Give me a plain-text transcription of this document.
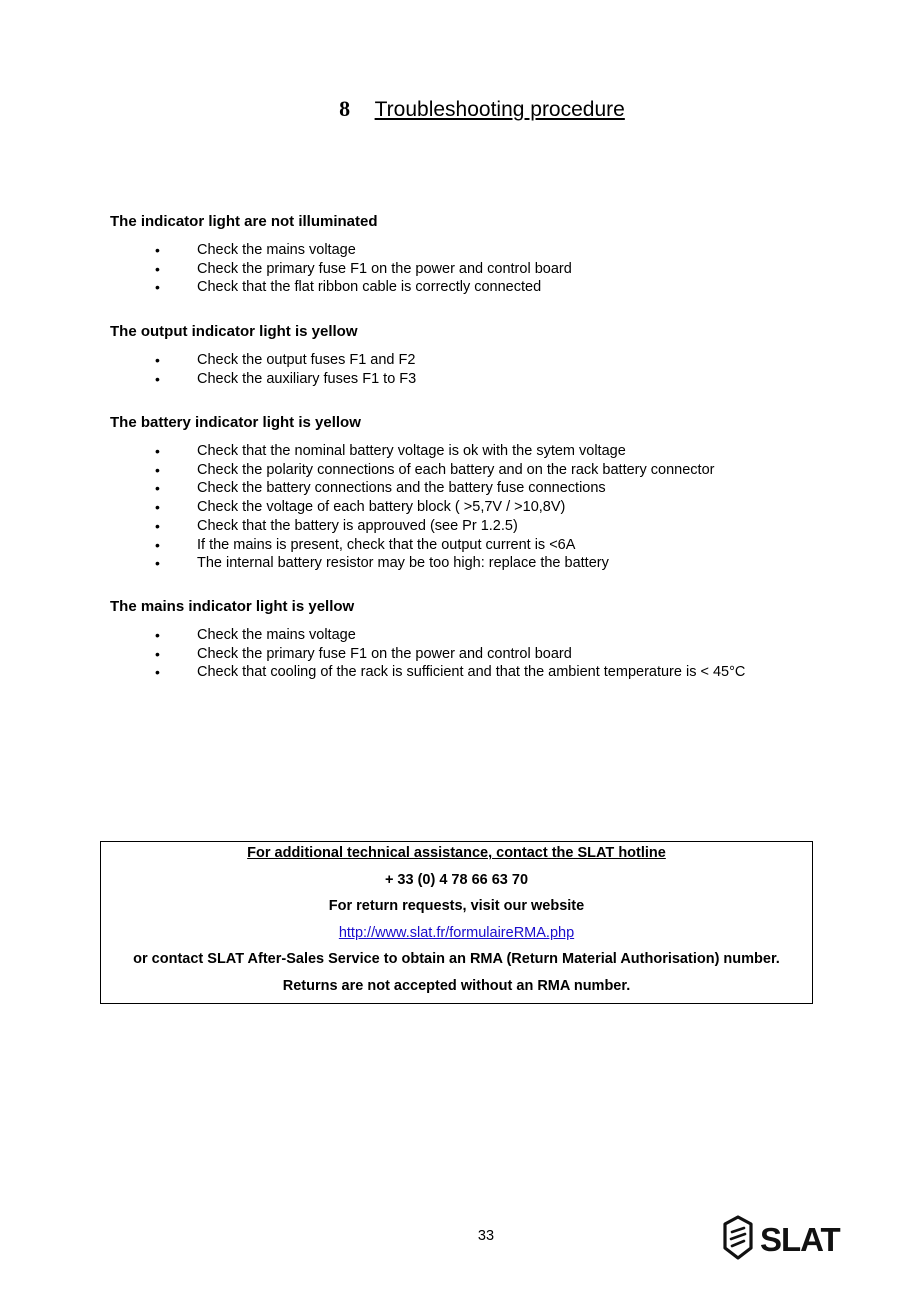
8 Troubleshooting procedure
The indicator light are not illuminated
•	Check the mains voltage
•	Check the primary fuse F1 on the power and control board
•	Check that the flat ribbon cable is correctly connected
The output indicator light is yellow
•	Check the output fuses F1 and F2
•	Check the auxiliary fuses F1 to F3
The battery indicator light is yellow
•	Check that the nominal battery voltage is ok with the sytem voltage
•	Check the polarity connections of each battery and on the rack battery connector
•	Check the battery connections and the battery fuse connections
•	Check the voltage of each battery block ( >5,7V / >10,8V)
•	Check that the battery is approuved (see Pr 1.2.5)
•	If the mains is present, check that the output current is <6A
•	The internal battery resistor may be too high: replace the battery
The mains indicator light is yellow
•	Check the mains voltage
•	Check the primary fuse F1 on the power and control board
•	Check that cooling of the rack is sufficient and that the ambient temperature is < 45°C

For additional technical assistance, contact the SLAT hotline

+ 33 (0) 4 78 66 63 70

For return requests, visit our website

http://www.slat.fr/formulaireRMA.php

or contact SLAT After-Sales Service to obtain an RMA (Return Material Authorisation) number.

Returns are not accepted without an RMA number.

33	SLAT
